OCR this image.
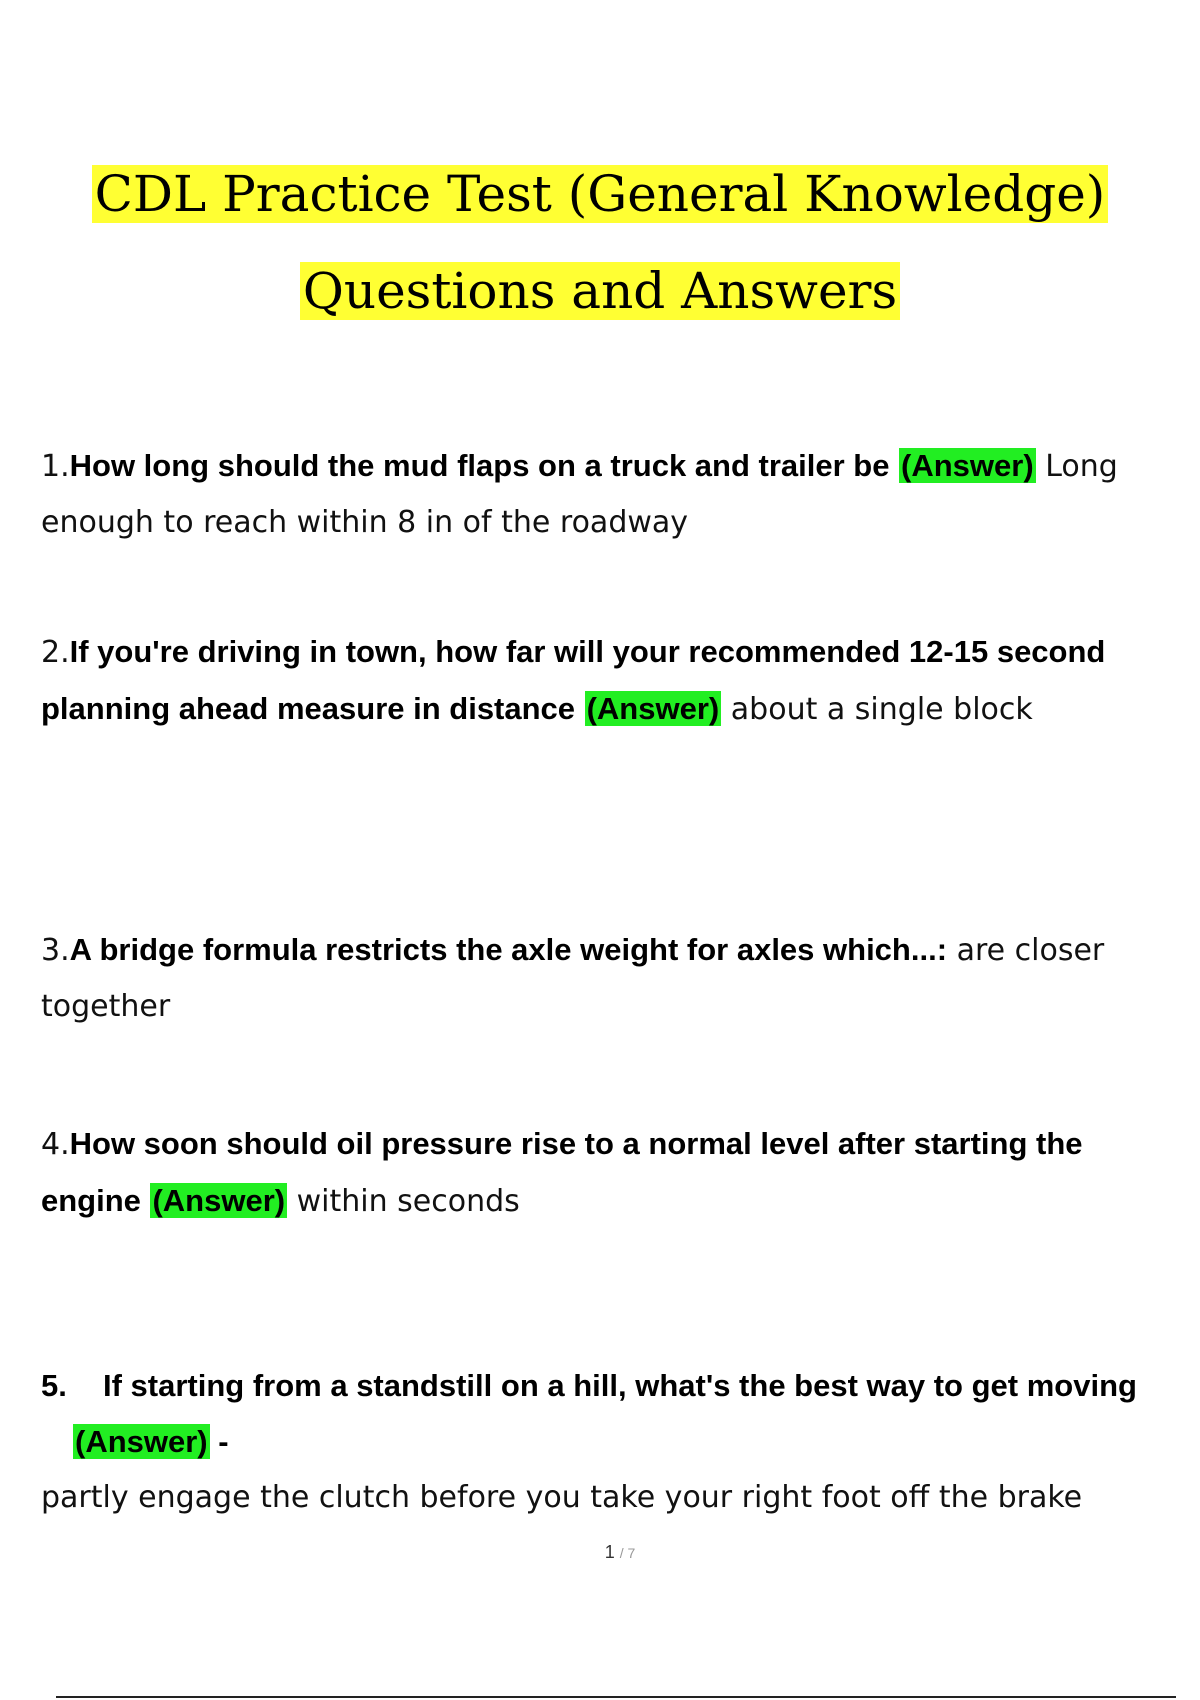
CDL Practice Test (General Knowledge)
Questions and Answers
1.How long should the mud flaps on a truck and trailer be (Answer) Long enough to reach within 8 in of the roadway
2.If you're driving in town, how far will your recommended 12-15 second planning ahead measure in distance (Answer) about a single block
3.A bridge formula restricts the axle weight for axles which...: are closer together
4.How soon should oil pressure rise to a normal level after starting the engine (Answer) within seconds
5. If starting from a standstill on a hill, what's the best way to get moving
(Answer) -
partly engage the clutch before you take your right foot off the brake
1 / 7
